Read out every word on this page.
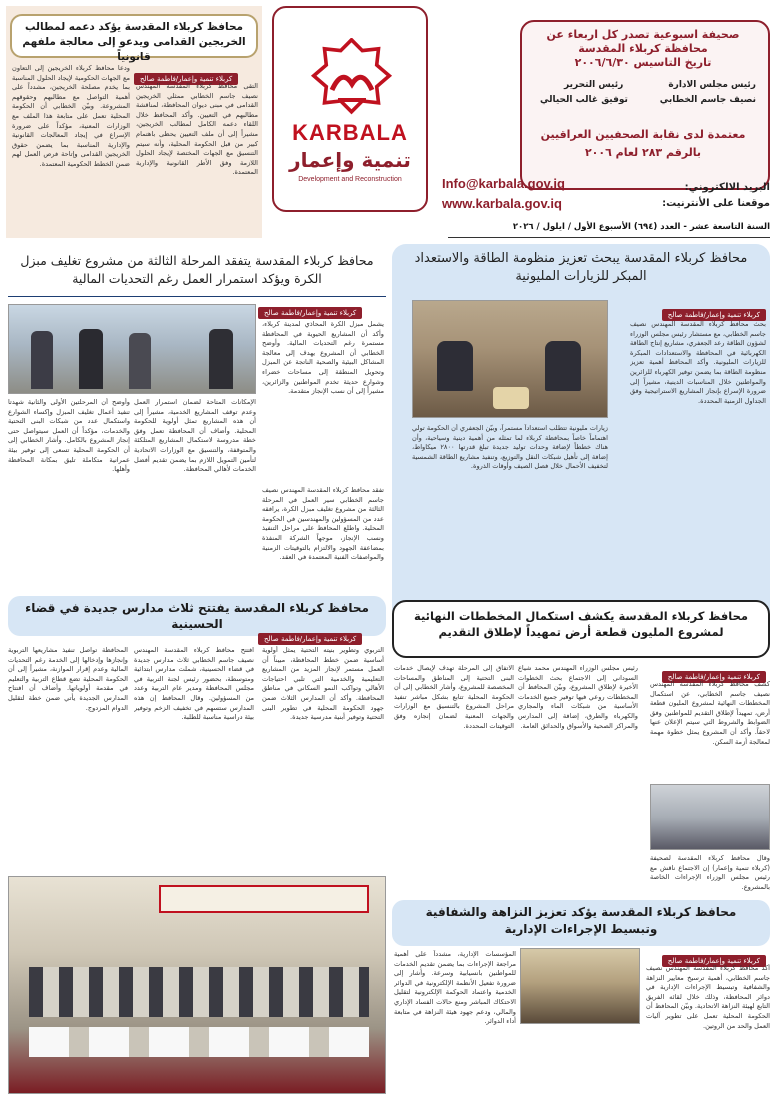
صحيفة اسبوعية تصدر كل اربعاء عن محافظة كربلاء المقدسة
تاريخ التاسيس ٢٠٠٦/٦/٣٠
رئيس مجلس الادارة
نصيف جاسم الخطابي
رئيس التحرير
توفيق غالب الحيالي
معتمدة لدى نقابة الصحفيين العراقيين
بالرقم ٢٨٣ لعام ٢٠٠٦
البريد الالكتروني:
موقعنا على الأنترنيت:
Info@karbala.gov.iq
www.karbala.gov.iq
KARBALA
تنمية وإعمار
Development and Reconstruction
محافظ كربلاء المقدسة يؤكد دعمه لمطالب الخريجين القدامى ويدعو إلى معالجة ملفهم قانونياً
كربلاء تنمية وإعمار/فاطمة صالح
ودعا محافظ كربلاء الخريجين إلى التعاون مع الجهات الحكومية لإيجاد الحلول المناسبة بما يخدم مصلحة الخريجين، مشدداً على أهمية التواصل مع مطالبهم وحقوقهم المشروعة. وبيّن الخطابي أن الحكومة المحلية تعمل على متابعة هذا الملف مع الوزارات المعنية، مؤكداً على ضرورة الإسراع في إيجاد المعالجات القانونية والإدارية المناسبة بما يضمن حقوق الخريجين القدامى وإتاحة فرص العمل لهم ضمن الخطط الحكومية المعتمدة.
التقى محافظ كربلاء المقدسة المهندس نصيف جاسم الخطابي ممثلي الخريجين القدامى في مبنى ديوان المحافظة، لمناقشة مطالبهم في التعيين. وأكد المحافظ خلال اللقاء دعمه الكامل لمطالب الخريجين، مشيراً إلى أن ملف التعيين يحظى باهتمام كبير من قبل الحكومة المحلية، وأنه سيتم التنسيق مع الجهات المختصة لإيجاد الحلول اللازمة وفق الأطر القانونية والإدارية المعتمدة.
السنة التاسعة عشر - العدد (٦٩٤) الأسبوع الأول / ايلول / ٢٠٢٦
محافظ كربلاء المقدسة يبحث تعزيز منظومة الطاقة والاستعداد المبكر للزيارات المليونية
كربلاء تنمية وإعمار/فاطمة صالح
بحث محافظ كربلاء المقدسة المهندس نصيف جاسم الخطابي، مع مستشار رئيس مجلس الوزراء لشؤون الطاقة رعد الجعفري، مشاريع إنتاج الطاقة الكهربائية في المحافظة والاستعدادات المبكرة للزيارات المليونية. وأكد المحافظ أهمية تعزيز منظومة الطاقة بما يضمن توفير الكهرباء للزائرين والمواطنين خلال المناسبات الدينية، مشيراً إلى ضرورة الإسراع بإنجاز المشاريع الاستراتيجية وفق الجداول الزمنية المحددة.
زيارات مليونية تتطلب استعداداً مستمراً، وبيّن الجعفري أن الحكومة تولي اهتماماً خاصاً بمحافظة كربلاء لما تمثله من أهمية دينية وسياحية، وأن هناك خططاً لإضافة وحدات توليد جديدة تبلغ قدرتها ٢٨٠٠ ميكاواط، إضافة إلى تأهيل شبكات النقل والتوزيع، وتنفيذ مشاريع الطاقة الشمسية لتخفيف الأحمال خلال فصل الصيف وأوقات الذروة.
محافظ كربلاء المقدسة يتفقد المرحلة الثالثة من مشروع تغليف مبزل الكرة ويؤكد استمرار العمل رغم التحديات المالية
كربلاء تنمية وإعمار/فاطمة صالح
يشمل مبزل الكرة المحاذي لمدينة كربلاء، وأكد أن المشاريع الحيوية في المحافظة مستمرة رغم التحديات المالية. وأوضح الخطابي أن المشروع يهدف إلى معالجة المشاكل البيئية والصحية الناتجة عن المبزل وتحويل المنطقة إلى مساحات خضراء وشوارع حديثة تخدم المواطنين والزائرين، مشيراً إلى أن نسب الإنجاز متقدمة.
تفقد محافظ كربلاء المقدسة المهندس نصيف جاسم الخطابي سير العمل في المرحلة الثالثة من مشروع تغليف مبزل الكرة، يرافقه عدد من المسؤولين والمهندسين في الحكومة المحلية. واطلع المحافظ على مراحل التنفيذ ونسب الإنجاز، موجهاً الشركة المنفذة بمضاعفة الجهود والالتزام بالتوقيتات الزمنية والمواصفات الفنية المعتمدة في العقد.
الإمكانات المتاحة لضمان استمرار العمل وعدم توقف المشاريع الخدمية، مشيراً إلى أن هذه المشاريع تمثل أولوية للحكومة المحلية. وأضاف أن المحافظة تعمل وفق خطة مدروسة لاستكمال المشاريع المتلكئة والمتوقفة، والتنسيق مع الوزارات الاتحادية لتأمين التمويل اللازم بما يضمن تقديم أفضل الخدمات لأهالي المحافظة.
وأوضح أن المرحلتين الأولى والثانية شهدتا تنفيذ أعمال تغليف المبزل وإكساء الشوارع واستكمال عدد من شبكات البنى التحتية والخدمات، مؤكداً أن العمل سيتواصل حتى إنجاز المشروع بالكامل. وأشار الخطابي إلى أن الحكومة المحلية تسعى إلى توفير بيئة عمرانية متكاملة تليق بمكانة المحافظة وأهلها.
محافظ كربلاء المقدسة يفتتح ثلاث مدارس جديدة في قضاء الحسينية
كربلاء تنمية وإعمار/فاطمة صالح
المحافظة تواصل تنفيذ مشاريعها التربوية وإنجازها وإدخالها إلى الخدمة رغم التحديات المالية وعدم إقرار الموازنة، مشيراً إلى أن الحكومة المحلية تضع قطاع التربية والتعليم في مقدمة أولوياتها. وأضاف أن افتتاح المدارس الجديدة يأتي ضمن خطة لتقليل الدوام المزدوج.
افتتح محافظ كربلاء المقدسة المهندس نصيف جاسم الخطابي ثلاث مدارس جديدة في قضاء الحسينية، شملت مدارس ابتدائية ومتوسطة، بحضور رئيس لجنة التربية في مجلس المحافظة ومدير عام التربية وعدد من المسؤولين. وقال المحافظ إن هذه المدارس ستسهم في تخفيف الزخم وتوفير بيئة دراسية مناسبة للطلبة.
التربوي وتطوير بنيته التحتية يمثل أولوية أساسية ضمن خطط المحافظة، مبيناً أن العمل مستمر لإنجاز المزيد من المشاريع التعليمية والخدمية التي تلبي احتياجات الأهالي وتواكب النمو السكاني في مناطق المحافظة. وأكد أن المدارس الثلاث ضمن جهود الحكومة المحلية في تطوير البنى التحتية وتوفير أبنية مدرسية جديدة.
محافظ كربلاء المقدسة يكشف استكمال المخططات النهائية لمشروع المليون قطعة أرض تمهيداً لإطلاق التقديم
كربلاء تنمية وإعمار/فاطمة صالح
كشف محافظ كربلاء المقدسة المهندس نصيف جاسم الخطابي، عن استكمال المخططات النهائية لمشروع المليون قطعة أرض، تمهيداً لإطلاق التقديم للمواطنين وفق الضوابط والشروط التي سيتم الإعلان عنها لاحقاً. وأكد أن المشروع يمثل خطوة مهمة لمعالجة أزمة السكن.
وقال محافظ كربلاء المقدسة لصحيفة (كربلاء تنمية وإعمار) إن الاجتماع ناقش مع رئيس مجلس الوزراء الإجراءات الخاصة بالمشروع.
رئيس مجلس الوزراء المهندس محمد شياع السوداني إلى الاجتماع بحث الخطوات الأخيرة لإطلاق المشروع، وبيّن المحافظ أن المخططات روعي فيها توفير جميع الخدمات الأساسية من شبكات الماء والمجاري والكهرباء والطرق، إضافة إلى المدارس والمراكز الصحية والأسواق والحدائق العامة.
الاتفاق إلى المرحلة تهدف لإيصال خدمات البنى التحتية إلى المناطق والمساحات المخصصة للمشروع، وأشار الخطابي إلى أن الحكومة المحلية تتابع بشكل مباشر تنفيذ مراحل المشروع بالتنسيق مع الوزارات والجهات المعنية لضمان إنجازه وفق التوقيتات المحددة.
محافظ كربلاء المقدسة يؤكد تعزيز النزاهة والشفافية وتبسيط الإجراءات الإدارية
كربلاء تنمية وإعمار/فاطمة صالح
أكد محافظ كربلاء المقدسة المهندس نصيف جاسم الخطابي، أهمية ترسيخ معايير النزاهة والشفافية وتبسيط الإجراءات الإدارية في دوائر المحافظة، وذلك خلال لقائه الفريق التابع لهيئة النزاهة الاتحادية. وبيّن المحافظ أن الحكومة المحلية تعمل على تطوير آليات العمل والحد من الروتين.
المؤسسات الإدارية، مشدداً على أهمية مراجعة الإجراءات بما يضمن تقديم الخدمات للمواطنين بانسيابية وسرعة. وأشار إلى ضرورة تفعيل الأنظمة الإلكترونية في الدوائر الخدمية واعتماد الحوكمة الإلكترونية لتقليل الاحتكاك المباشر ومنع حالات الفساد الإداري والمالي، ودعم جهود هيئة النزاهة في متابعة أداء الدوائر.
